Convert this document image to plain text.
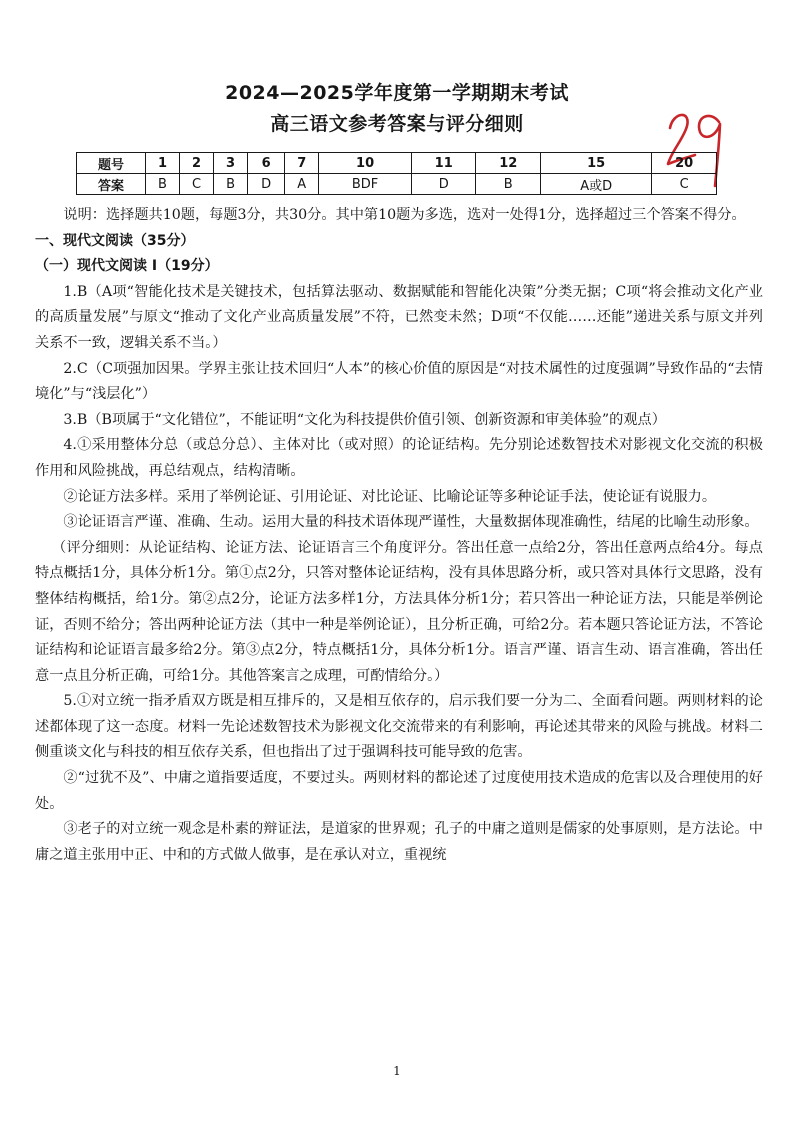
2024—2025学年度第一学期期末考试
高三语文参考答案与评分细则
题号	1	2	3	6	7	10	11	12	15	20
答案	B	C	B	D	A	BDF	D	B	A或D	C

说明：选择题共10题，每题3分，共30分。其中第10题为多选，选对一处得1分，选择超过三个答案不得分。

一、现代文阅读（35分）

（一）现代文阅读 Ⅰ（19分）

1.B（A项“智能化技术是关键技术，包括算法驱动、数据赋能和智能化决策”分类无据；C项“将会推动文化产业的高质量发展”与原文“推动了文化产业高质量发展”不符，已然变未然；D项“不仅能……还能”递进关系与原文并列关系不一致，逻辑关系不当。）

2.C（C项强加因果。学界主张让技术回归“人本”的核心价值的原因是“对技术属性的过度强调”导致作品的“去情境化”与“浅层化”）

3.B（B项属于“文化错位”，不能证明“文化为科技提供价值引领、创新资源和审美体验”的观点）

4.①采用整体分总（或总分总）、主体对比（或对照）的论证结构。先分别论述数智技术对影视文化交流的积极作用和风险挑战，再总结观点，结构清晰。

②论证方法多样。采用了举例论证、引用论证、对比论证、比喻论证等多种论证手法，使论证有说服力。

③论证语言严谨、准确、生动。运用大量的科技术语体现严谨性，大量数据体现准确性，结尾的比喻生动形象。

（评分细则：从论证结构、论证方法、论证语言三个角度评分。答出任意一点给2分，答出任意两点给4分。每点特点概括1分，具体分析1分。第①点2分，只答对整体论证结构，没有具体思路分析，或只答对具体行文思路，没有整体结构概括，给1分。第②点2分，论证方法多样1分，方法具体分析1分；若只答出一种论证方法，只能是举例论证，否则不给分；答出两种论证方法（其中一种是举例论证），且分析正确，可给2分。若本题只答论证方法，不答论证结构和论证语言最多给2分。第③点2分，特点概括1分，具体分析1分。语言严谨、语言生动、语言准确，答出任意一点且分析正确，可给1分。其他答案言之成理，可酌情给分。）

5.①对立统一指矛盾双方既是相互排斥的，又是相互依存的，启示我们要一分为二、全面看问题。两则材料的论述都体现了这一态度。材料一先论述数智技术为影视文化交流带来的有利影响，再论述其带来的风险与挑战。材料二侧重谈文化与科技的相互依存关系，但也指出了过于强调科技可能导致的危害。

②“过犹不及”、中庸之道指要适度，不要过头。两则材料的都论述了过度使用技术造成的危害以及合理使用的好处。

③老子的对立统一观念是朴素的辩证法，是道家的世界观；孔子的中庸之道则是儒家的处事原则，是方法论。中庸之道主张用中正、中和的方式做人做事，是在承认对立，重视统

1
